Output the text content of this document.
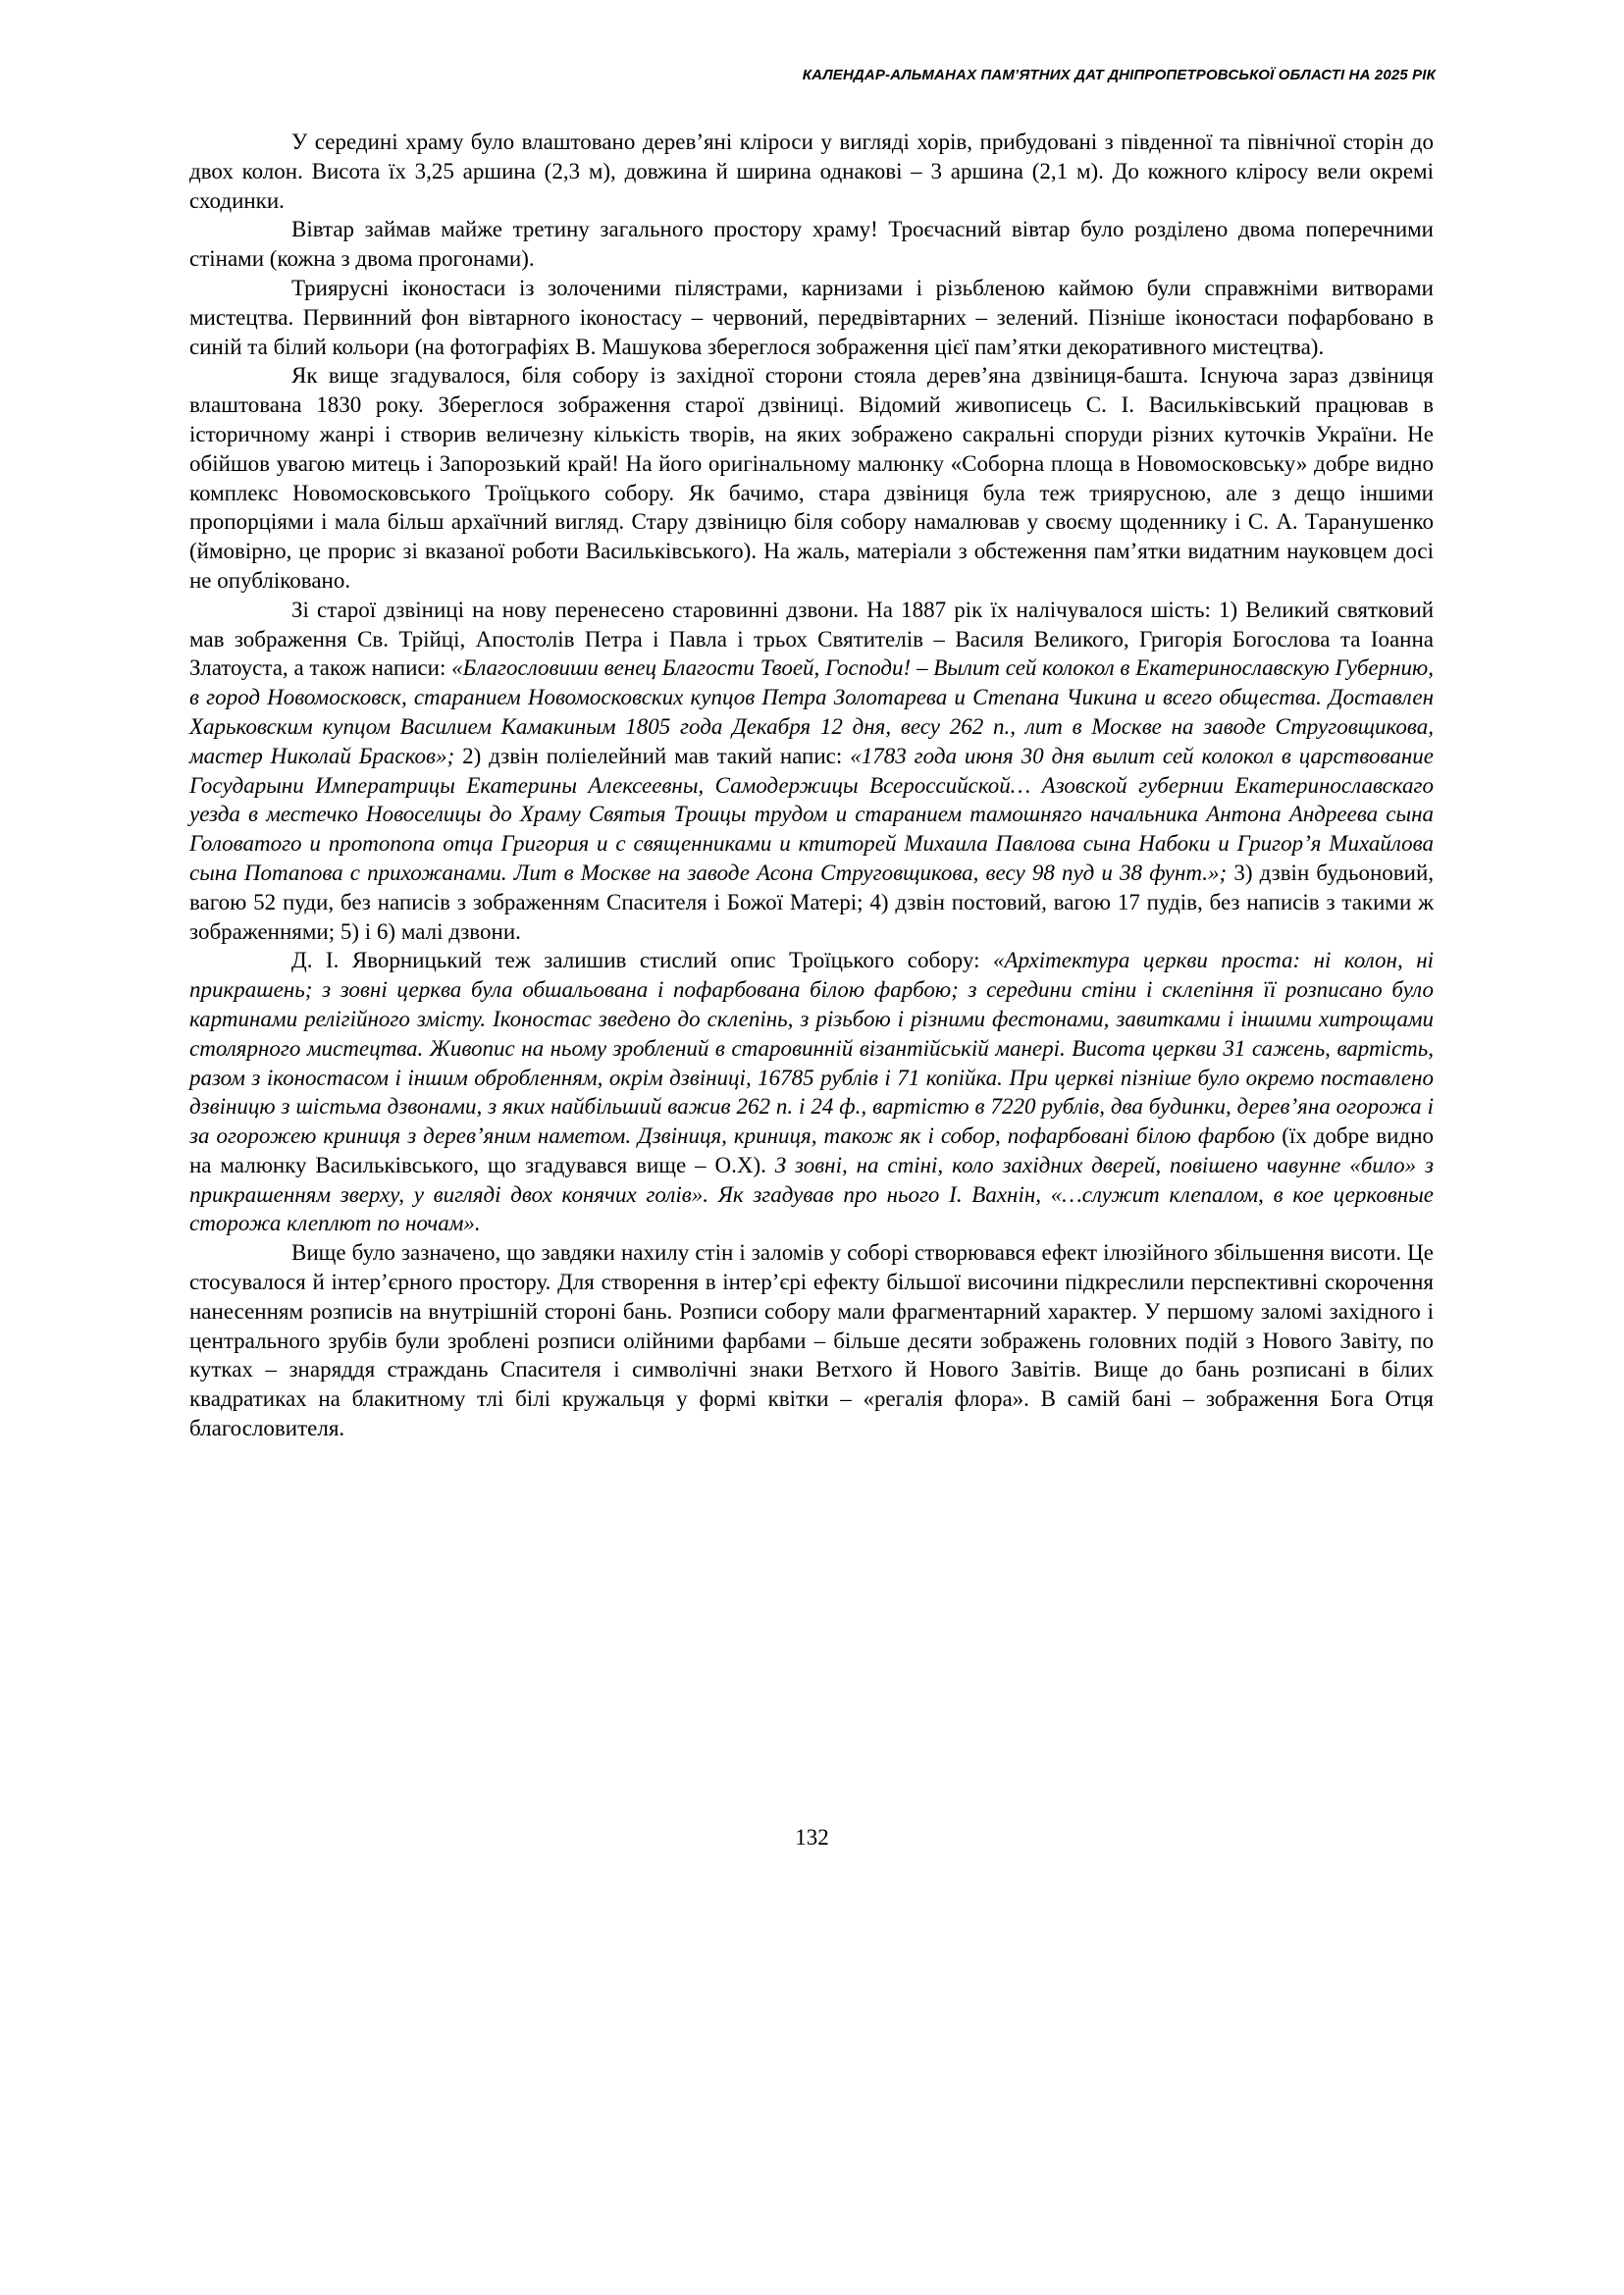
КАЛЕНДАР-АЛЬМАНАХ ПАМ’ЯТНИХ ДАТ ДНІПРОПЕТРОВСЬКОЇ ОБЛАСТІ НА 2025 РІК

У середині храму було влаштовано дерев’яні кліроси у вигляді хорів, прибудовані з південної та північної сторін до двох колон. Висота їх 3,25 аршина (2,3 м), довжина й ширина однакові – 3 аршина (2,1 м). До кожного кліросу вели окремі сходинки.

Вівтар займав майже третину загального простору храму! Троєчасний вівтар було розділено двома поперечними стінами (кожна з двома прогонами).

Триярусні іконостаси із золоченими пілястрами, карнизами і різьбленою каймою були справжніми витворами мистецтва. Первинний фон вівтарного іконостасу – червоний, передвівтарних – зелений. Пізніше іконостаси пофарбовано в синій та білий кольори (на фотографіях В. Машукова збереглося зображення цієї пам’ятки декоративного мистецтва).

Як вище згадувалося, біля собору із західної сторони стояла дерев’яна дзвіниця-башта. Існуюча зараз дзвіниця влаштована 1830 року. Збереглося зображення старої дзвіниці. Відомий живописець С. І. Васильківський працював в історичному жанрі і створив величезну кількість творів, на яких зображено сакральні споруди різних куточків України. Не обійшов увагою митець і Запорозький край! На його оригінальному малюнку «Соборна площа в Новомосковську» добре видно комплекс Новомосковського Троїцького собору. Як бачимо, стара дзвіниця була теж триярусною, але з дещо іншими пропорціями і мала більш архаїчний вигляд. Стару дзвіницю біля собору намалював у своєму щоденнику і С. А. Таранушенко (ймовірно, це прорис зі вказаної роботи Васильківського). На жаль, матеріали з обстеження пам’ятки видатним науковцем досі не опубліковано.

Зі старої дзвіниці на нову перенесено старовинні дзвони. На 1887 рік їх налічувалося шість: 1) Великий святковий мав зображення Св. Трійці, Апостолів Петра і Павла і трьох Святителів – Василя Великого, Григорія Богослова та Іоанна Златоуста, а також написи: «Благословиши венец Благости Твоей, Господи! – Вылит сей колокол в Екатеринославскую Губернию, в город Новомосковск, старанием Новомосковских купцов Петра Золотарева и Степана Чикина и всего общества. Доставлен Харьковским купцом Василием Камакиным 1805 года Декабря 12 дня, весу 262 п., лит в Москве на заводе Струговщикова, мастер Николай Брасков»; 2) дзвін поліелейний мав такий напис: «1783 года июня 30 дня вылит сей колокол в царствование Государыни Императрицы Екатерины Алексеевны, Самодержицы Всероссийской… Азовской губернии Екатеринославскаго уезда в местечко Новоселицы до Храму Святыя Троицы трудом и старанием тамошняго начальника Антона Андреева сына Головатого и протопопа отца Григория и с священниками и ктиторей Михаила Павлова сына Набоки и Григор’я Михайлова сына Потапова с прихожанами. Лит в Москве на заводе Асона Струговщикова, весу 98 пуд и 38 фунт.»; 3) дзвін будьоновий, вагою 52 пуди, без написів з зображенням Спасителя і Божої Матері; 4) дзвін постовий, вагою 17 пудів, без написів з такими ж зображеннями; 5) і 6) малі дзвони.

Д. І. Яворницький теж залишив стислий опис Троїцького собору: «Архітектура церкви проста: ні колон, ні прикрашень; з зовні церква була обшальована і пофарбована білою фарбою; з середини стіни і склепіння її розписано було картинами релігійного змісту. Іконостас зведено до склепінь, з різьбою і різними фестонами, завитками і іншими хитрощами столярного мистецтва. Живопис на ньому зроблений в старовинній візантійській манері. Висота церкви 31 сажень, вартість, разом з іконостасом і іншим обробленням, окрім дзвіниці, 16785 рублів і 71 копійка. При церкві пізніше було окремо поставлено дзвіницю з шістьма дзвонами, з яких найбільший важив 262 п. і 24 ф., вартістю в 7220 рублів, два будинки, дерев’яна огорожа і за огорожею криниця з дерев’яним наметом. Дзвіниця, криниця, також як і собор, пофарбовані білою фарбою (їх добре видно на малюнку Васильківського, що згадувався вище – О.Х). З зовні, на стіні, коло західних дверей, повішено чавунне «било» з прикрашенням зверху, у вигляді двох конячих голів». Як згадував про нього І. Вахнін, «…служит клепалом, в кое церковные сторожа клеплют по ночам».

Вище було зазначено, що завдяки нахилу стін і заломів у соборі створювався ефект ілюзійного збільшення висоти. Це стосувалося й інтер’єрного простору. Для створення в інтер’єрі ефекту більшої височини підкреслили перспективні скорочення нанесенням розписів на внутрішній стороні бань. Розписи собору мали фрагментарний характер. У першому заломі західного і центрального зрубів були зроблені розписи олійними фарбами – більше десяти зображень головних подій з Нового Завіту, по кутках – знаряддя страждань Спасителя і символічні знаки Ветхого й Нового Завітів. Вище до бань розписані в білих квадратиках на блакитному тлі білі кружальця у формі квітки – «регалія флора». В самій бані – зображення Бога Отця благословителя.

132
